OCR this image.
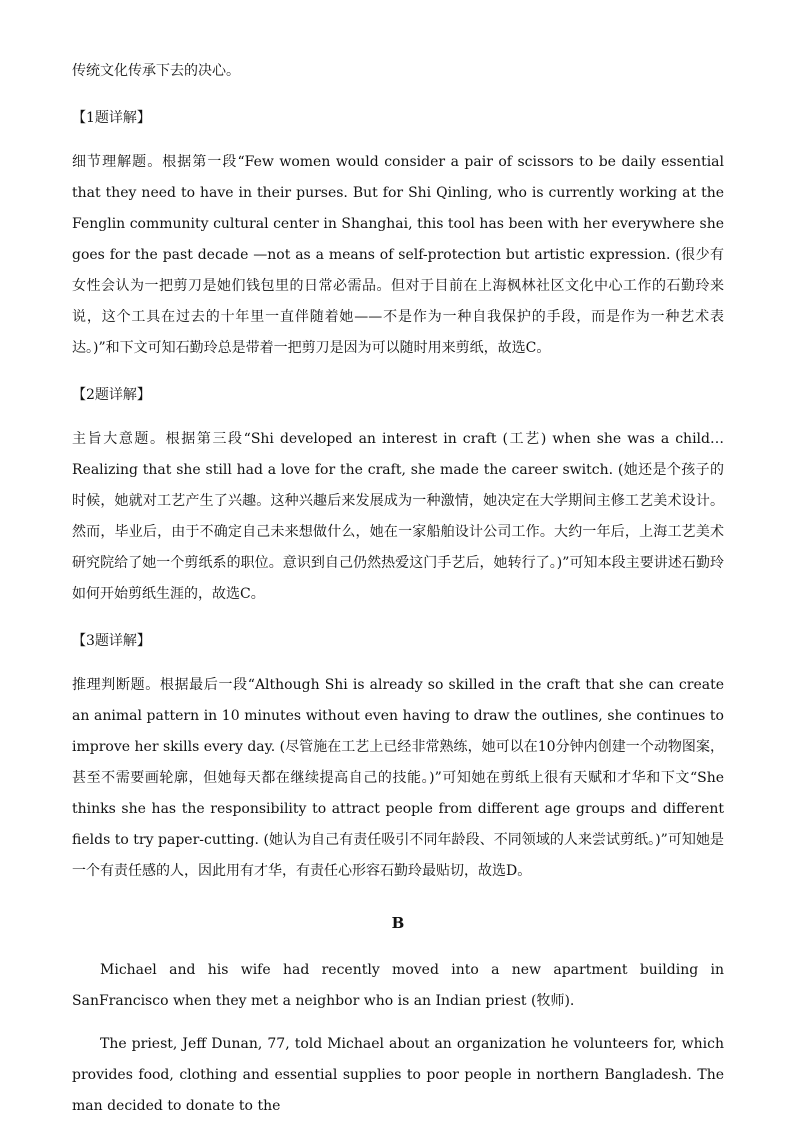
传统文化传承下去的决心。

【1题详解】

细节理解题。根据第一段“Few women would consider a pair of scissors to be daily essential that they need to have in their purses. But for Shi Qinling, who is currently working at the Fenglin community cultural center in Shanghai, this tool has been with her everywhere she goes for the past decade —not as a means of self-protection but artistic expression. (很少有女性会认为一把剪刀是她们钱包里的日常必需品。但对于目前在上海枫林社区文化中心工作的石勤玲来说，这个工具在过去的十年里一直伴随着她——不是作为一种自我保护的手段，而是作为一种艺术表达。)”和下文可知石勤玲总是带着一把剪刀是因为可以随时用来剪纸，故选C。

【2题详解】

主旨大意题。根据第三段“Shi developed an interest in craft (工艺) when she was a child…Realizing that she still had a love for the craft, she made the career switch. (她还是个孩子的时候，她就对工艺产生了兴趣。这种兴趣后来发展成为一种激情，她决定在大学期间主修工艺美术设计。然而，毕业后，由于不确定自己未来想做什么，她在一家船舶设计公司工作。大约一年后，上海工艺美术研究院给了她一个剪纸系的职位。意识到自己仍然热爱这门手艺后，她转行了。)”可知本段主要讲述石勤玲如何开始剪纸生涯的，故选C。

【3题详解】

推理判断题。根据最后一段“Although Shi is already so skilled in the craft that she can create an animal pattern in 10 minutes without even having to draw the outlines, she continues to improve her skills every day. (尽管施在工艺上已经非常熟练，她可以在10分钟内创建一个动物图案，甚至不需要画轮廓，但她每天都在继续提高自己的技能。)”可知她在剪纸上很有天赋和才华和下文“She thinks she has the responsibility to attract people from different age groups and different fields to try paper-cutting. (她认为自己有责任吸引不同年龄段、不同领域的人来尝试剪纸。)”可知她是一个有责任感的人，因此用有才华，有责任心形容石勤玲最贴切，故选D。

B

Michael and his wife had recently moved into a new apartment building in SanFrancisco when they met a neighbor who is an Indian priest (牧师).

The priest, Jeff Dunan, 77, told Michael about an organization he volunteers for, which provides food, clothing and essential supplies to poor people in northern Bangladesh. The man decided to donate to the
